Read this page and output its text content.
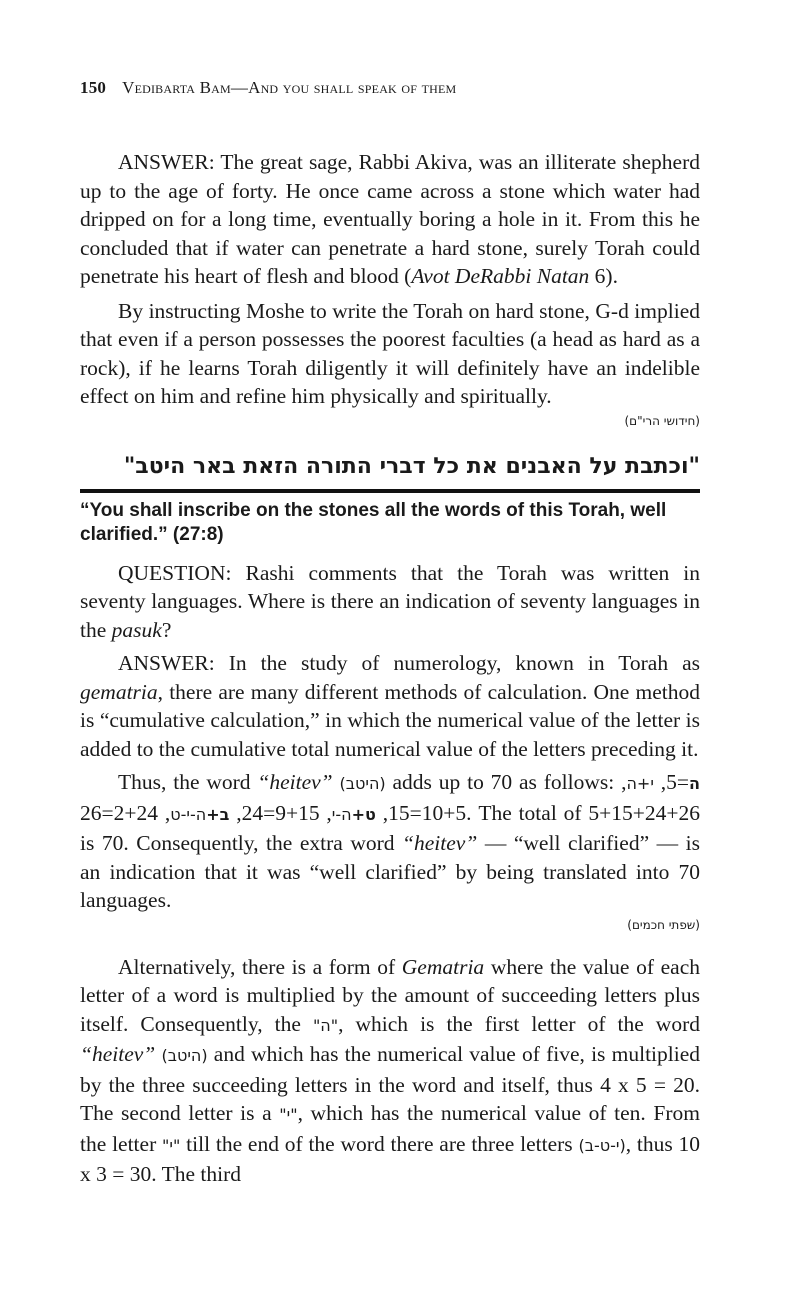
150 Vedibarta Bam—And you shall speak of them

ANSWER: The great sage, Rabbi Akiva, was an illiterate shepherd up to the age of forty. He once came across a stone which water had dripped on for a long time, eventually boring a hole in it. From this he concluded that if water can penetrate a hard stone, surely Torah could penetrate his heart of flesh and blood (Avot DeRabbi Natan 6).

By instructing Moshe to write the Torah on hard stone, G-d implied that even if a person possesses the poorest faculties (a head as hard as a rock), if he learns Torah diligently it will definitely have an indelible effect on him and refine him physically and spiritually.

(חידושי הרי"ם)
"וכתבת על האבנים את כל דברי התורה הזאת באר היטב"
“You shall inscribe on the stones all the words of this Torah, well clarified.” (27:8)

QUESTION: Rashi comments that the Torah was written in seventy languages. Where is there an indication of seventy languages in the pasuk?

ANSWER: In the study of numerology, known in Torah as gematria, there are many different methods of calculation. One method is “cumulative calculation,” in which the numerical value of the letter is added to the cumulative total numerical value of the letters preceding it.

Thus, the word “heitev” (היטב) adds up to 70 as follows:	ה=5, י+ה, 10+5=15, ט+ה-י, 9+15=24, ב+ה-י-ט, 2+24=26. The total of 5+15+24+26 is 70. Consequently, the extra word “heitev” — “well clarified” — is an indication that it was “well clarified” by being translated into 70 languages.

(שפתי חכמים)

Alternatively, there is a form of Gematria where the value of each letter of a word is multiplied by the amount of succeeding letters plus itself. Consequently, the "ה", which is the first letter of the word “heitev” (היטב) and which has the numerical value of five, is multiplied by the three succeeding letters in the word and itself, thus 4 x 5 = 20. The second letter is a "י", which has the numerical value of ten. From the letter "י" till the end of the word there are three letters (י-ט-ב), thus 10 x 3 = 30. The third
